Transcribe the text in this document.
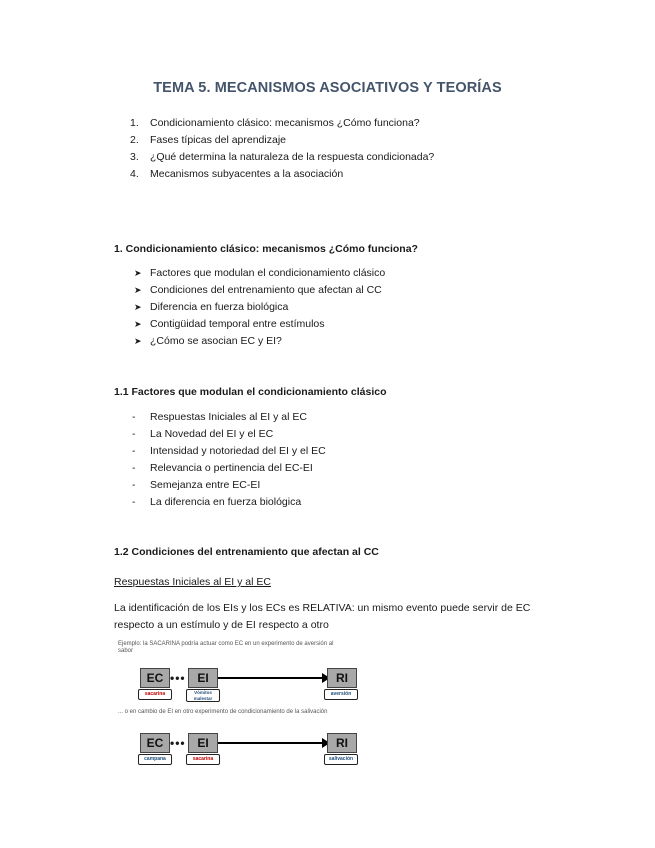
TEMA 5. MECANISMOS ASOCIATIVOS Y TEORÍAS
1. Condicionamiento clásico: mecanismos ¿Cómo funciona?
2. Fases típicas del aprendizaje
3. ¿Qué determina la naturaleza de la respuesta condicionada?
4. Mecanismos subyacentes a la asociación
1. Condicionamiento clásico: mecanismos ¿Cómo funciona?
➤ Factores que modulan el condicionamiento clásico
➤ Condiciones del entrenamiento que afectan al CC
➤ Diferencia en fuerza biológica
➤ Contigüidad temporal entre estímulos
➤ ¿Cómo se asocian EC y EI?
1.1 Factores que modulan el condicionamiento clásico
- Respuestas Iniciales al EI y al EC
- La Novedad del EI y el EC
- Intensidad y notoriedad del EI y el EC
- Relevancia o pertinencia del EC-EI
- Semejanza entre EC-EI
- La diferencia en fuerza biológica
1.2 Condiciones del entrenamiento que afectan al CC
Respuestas Iniciales al EI y al EC
La identificación de los EIs y los ECs es RELATIVA: un mismo evento puede servir de EC respecto a un estímulo y de EI respecto a otro
Ejemplo: la SACARINA podría actuar como EC en un experimento de aversión al sabor
EC ••• EI	RI
sacarina	Vómitos malestar
aversión
... o en cambio de EI en otro experimento de condicionamiento de la salivación
EC ••• EI	RI
campana	sacarina	salivación
